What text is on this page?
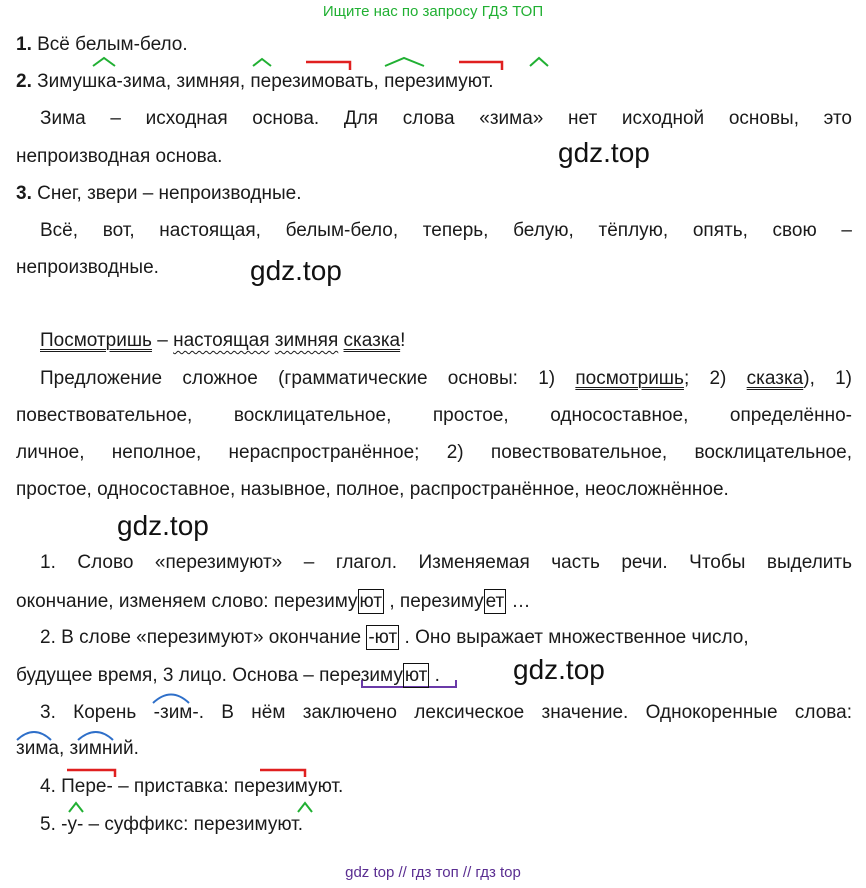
Ищите нас по запросу ГДЗ ТОП
1. Всё белым-бело.
2. Зимушка-зима, зимняя, перезимовать, перезимуют.
Зима – исходная основа. Для слова «зима» нет исходной основы, это
непроизводная основа.	gdz.top
3. Снег, звери – непроизводные.
Всё, вот, настоящая, белым-бело, теперь, белую, тёплую, опять, свою –
непроизводные.	gdz.top
Посмотришь – настоящая зимняя сказка!
Предложение сложное (грамматические основы: 1) посмотришь; 2) сказка), 1)
повествовательное, восклицательное, простое, односоставное, определённо-
личное, неполное, нераспространённое; 2) повествовательное, восклицательное,
простое, односоставное, назывное, полное, распространённое, неосложнённое.
gdz.top
1. Слово «перезимуют» – глагол. Изменяемая часть речи. Чтобы выделить
окончание, изменяем слово: перезиму ют , перезиму ет …
2. В слове «перезимуют» окончание -ют . Оно выражает множественное число,
будущее время, 3 лицо. Основа – перезиму ют .	gdz.top
3. Корень -зим-. В нём заключено лексическое значение. Однокоренные слова:
зима, зимний.
4. Пере- – приставка: перезимуют.
5. -у- – суффикс: перезимуют.
gdz top // гдз топ // гдз top
